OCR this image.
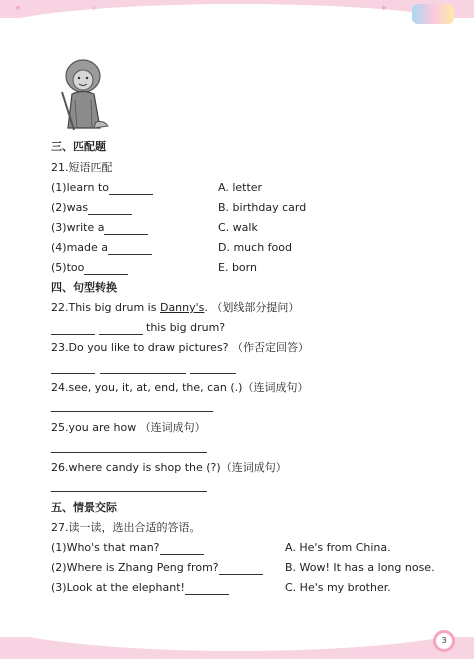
✦	✧	✦
三、匹配题
21.短语匹配
(1)learn to
(2)was
(3)write a
(4)made a
(5)too
A. letter
B. birthday card
C. walk
D. much food
E. born
四、句型转换
22.This big drum is Danny's. （划线部分提问）
this big drum?
23.Do you like to draw pictures? （作否定回答）
24.see, you, it, at, end, the, can (.)（连词成句）
25.you are how （连词成句）
26.where candy is shop the (?)（连词成句）
五、情景交际
27.读一读，选出合适的答语。
(1)Who's that man?
(2)Where is Zhang Peng from?
(3)Look at the elephant!
A. He's from China.
B. Wow! It has a long nose.
C. He's my brother.
3
